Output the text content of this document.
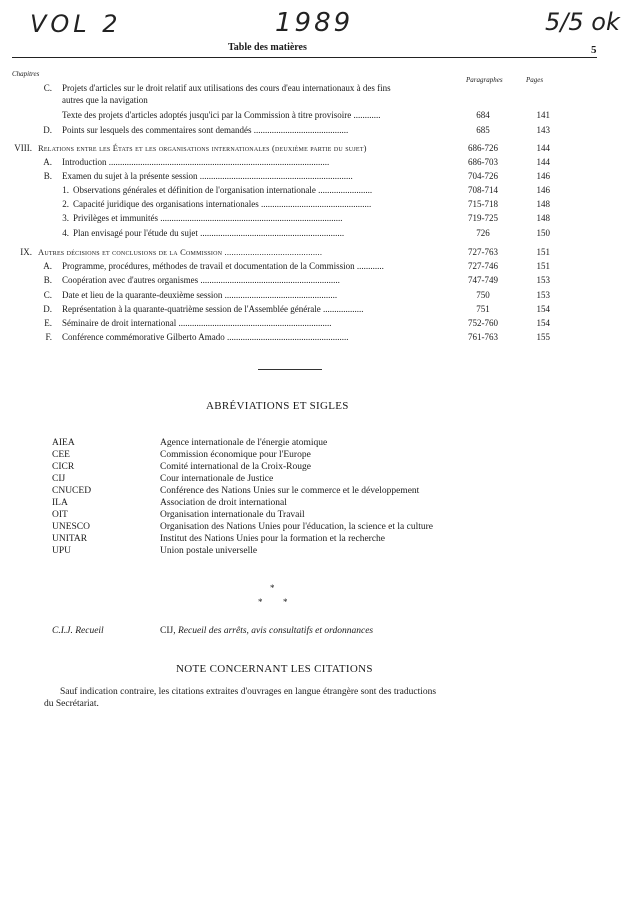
VOL 2	1989	5/5 ok
Table des matières	5
Chapitres
Paragraphes	Pages
C. Projets d'articles sur le droit relatif aux utilisations des cours d'eau internationaux à des fins
autres que la navigation
Texte des projets d'articles adoptés jusqu'ici par la Commission à titre provisoire ............	684	141
D. Points sur lesquels des commentaires sont demandés ..........................................	685	143
VIII. Relations entre les États et les organisations internationales (deuxième partie du sujet)	686-726	144
A. Introduction ..................................................................................................	686-703	144
B. Examen du sujet à la présente session ....................................................................	704-726	146
1. Observations générales et définition de l'organisation internationale ........................	708-714	146
2. Capacité juridique des organisations internationales .................................................	715-718	148
3. Privilèges et immunités .................................................................................	719-725	148
4. Plan envisagé pour l'étude du sujet ................................................................	726	150
IX. Autres décisions et conclusions de la Commission ..........................................	727-763	151
A. Programme, procédures, méthodes de travail et documentation de la Commission ............	727-746	151
B. Coopération avec d'autres organismes ..............................................................	747-749	153
C. Date et lieu de la quarante-deuxième session ..................................................	750	153
D. Représentation à la quarante-quatrième session de l'Assemblée générale ..................	751	154
E. Séminaire de droit international ....................................................................	752-760	154
F. Conférence commémorative Gilberto Amado ......................................................	761-763	155
ABRÉVIATIONS ET SIGLES
AIEA	Agence internationale de l'énergie atomique
CEE	Commission économique pour l'Europe
CICR	Comité international de la Croix-Rouge
CIJ	Cour internationale de Justice
CNUCED	Conférence des Nations Unies sur le commerce et le développement
ILA	Association de droit international
OIT	Organisation internationale du Travail
UNESCO	Organisation des Nations Unies pour l'éducation, la science et la culture
UNITAR	Institut des Nations Unies pour la formation et la recherche
UPU	Union postale universelle
*
* *
C.I.J. Recueil	CIJ, Recueil des arrêts, avis consultatifs et ordonnances
NOTE CONCERNANT LES CITATIONS
Sauf indication contraire, les citations extraites d'ouvrages en langue étrangère sont des traductions
du Secrétariat.
